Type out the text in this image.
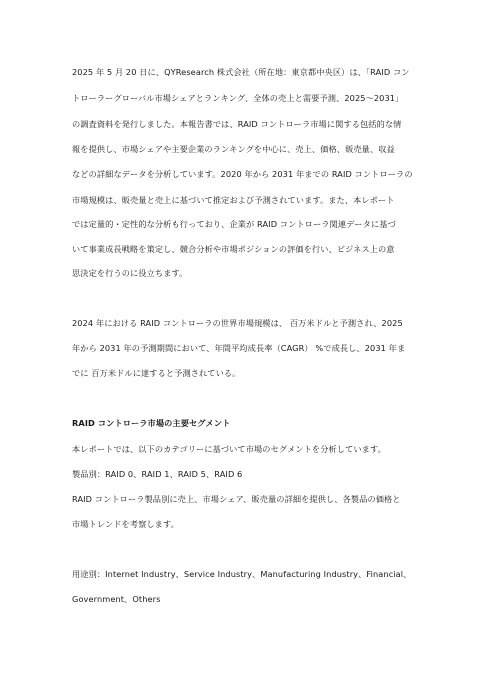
2025 年 5 月 20 日に、QYResearch 株式会社（所在地：東京都中央区）は、「RAID コン
トローラーグローバル市場シェアとランキング、全体の売上と需要予測、2025～2031」
の調査資料を発行しました。本報告書では、RAID コントローラ市場に関する包括的な情
報を提供し、市場シェアや主要企業のランキングを中心に、売上、価格、販売量、収益
などの詳細なデータを分析しています。2020 年から 2031 年までの RAID コントローラの
市場規模は、販売量と売上に基づいて推定および予測されています。また、本レポート
では定量的・定性的な分析も行っており、企業が RAID コントローラ関連データに基づ
いて事業成長戦略を策定し、競合分析や市場ポジションの評価を行い、ビジネス上の意
思決定を行うのに役立ちます。
2024 年における RAID コントローラの世界市場規模は、 百万米ドルと予測され、2025
年から 2031 年の予測期間において、年間平均成長率（CAGR） %で成長し、2031 年ま
でに 百万米ドルに達すると予測されている。
RAID コントローラ市場の主要セグメント
本レポートでは、以下のカテゴリーに基づいて市場のセグメントを分析しています。
製品別：RAID 0、RAID 1、RAID 5、RAID 6
RAID コントローラ製品別に売上、市場シェア、販売量の詳細を提供し、各製品の価格と
市場トレンドを考察します。
用途別：Internet Industry、Service Industry、Manufacturing Industry、Financial、
Government、Others
